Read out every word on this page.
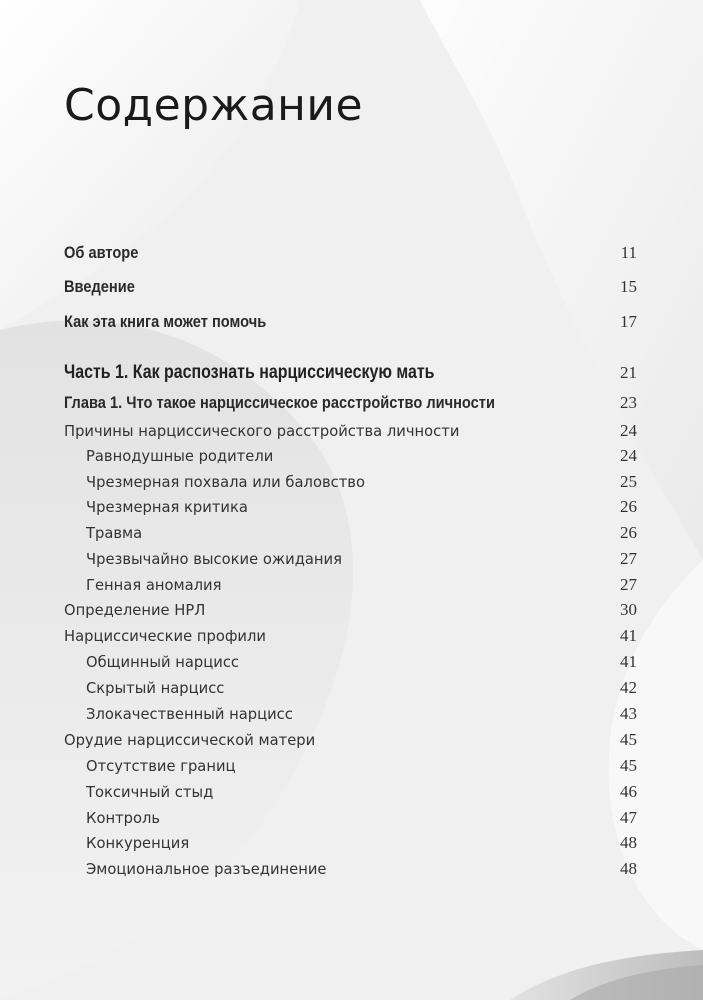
Содержание
Об авторе	11
Введение	15
Как эта книга может помочь	17
Часть 1. Как распознать нарциссическую мать	21
Глава 1. Что такое нарциссическое расстройство личности	23
Причины нарциссического расстройства личности	24
Равнодушные родители	24
Чрезмерная похвала или баловство	25
Чрезмерная критика	26
Травма	26
Чрезвычайно высокие ожидания	27
Генная аномалия	27
Определение НРЛ	30
Нарциссические профили	41
Общинный нарцисс	41
Скрытый нарцисс	42
Злокачественный нарцисс	43
Орудие нарциссической матери	45
Отсутствие границ	45
Токсичный стыд	46
Контроль	47
Конкуренция	48
Эмоциональное разъединение	48
